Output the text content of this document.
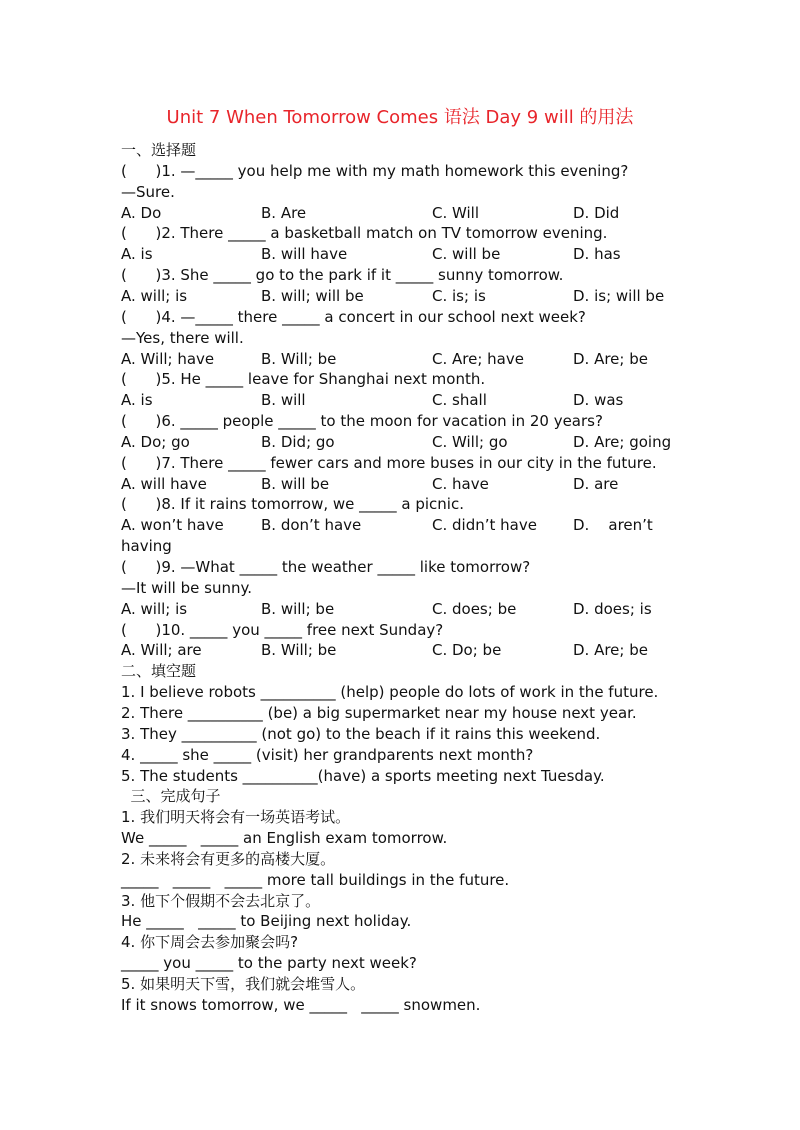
Unit 7 When Tomorrow Comes 语法 Day 9 will 的用法
一、选择题
(      )1. —_____ you help me with my math homework this evening?
—Sure.
A. Do	B. Are	C. Will	D. Did
(      )2. There _____ a basketball match on TV tomorrow evening.
A. is	B. will have	C. will be	D. has
(      )3. She _____ go to the park if it _____ sunny tomorrow.
A. will; is	B. will; will be	C. is; is	D. is; will be
(      )4. —_____ there _____ a concert in our school next week?
—Yes, there will.
A. Will; have	B. Will; be	C. Are; have	D. Are; be
(      )5. He _____ leave for Shanghai next month.
A. is	B. will	C. shall	D. was
(      )6. _____ people _____ to the moon for vacation in 20 years?
A. Do; go	B. Did; go	C. Will; go	D. Are; going
(      )7. There _____ fewer cars and more buses in our city in the future.
A. will have	B. will be	C. have	D. are
(      )8. If it rains tomorrow, we _____ a picnic.
A. won’t have B. don’t have	C. didn’t have D.    aren’t
having
(      )9. —What _____ the weather _____ like tomorrow?
—It will be sunny.
A. will; is	B. will; be	C. does; be	D. does; is
(      )10. _____ you _____ free next Sunday?
A. Will; are	B. Will; be	C. Do; be	D. Are; be
二、填空题
1. I believe robots __________ (help) people do lots of work in the future.
2. There __________ (be) a big supermarket near my house next year.
3. They __________ (not go) to the beach if it rains this weekend.
4. _____ she _____ (visit) her grandparents next month?
5. The students __________(have) a sports meeting next Tuesday.
三、完成句子
1. 我们明天将会有一场英语考试。
We _____   _____ an English exam tomorrow.
2. 未来将会有更多的高楼大厦。
_____   _____   _____ more tall buildings in the future.
3. 他下个假期不会去北京了。
He _____   _____ to Beijing next holiday.
4. 你下周会去参加聚会吗?
_____ you _____ to the party next week?
5. 如果明天下雪，我们就会堆雪人。
If it snows tomorrow, we _____   _____ snowmen.
